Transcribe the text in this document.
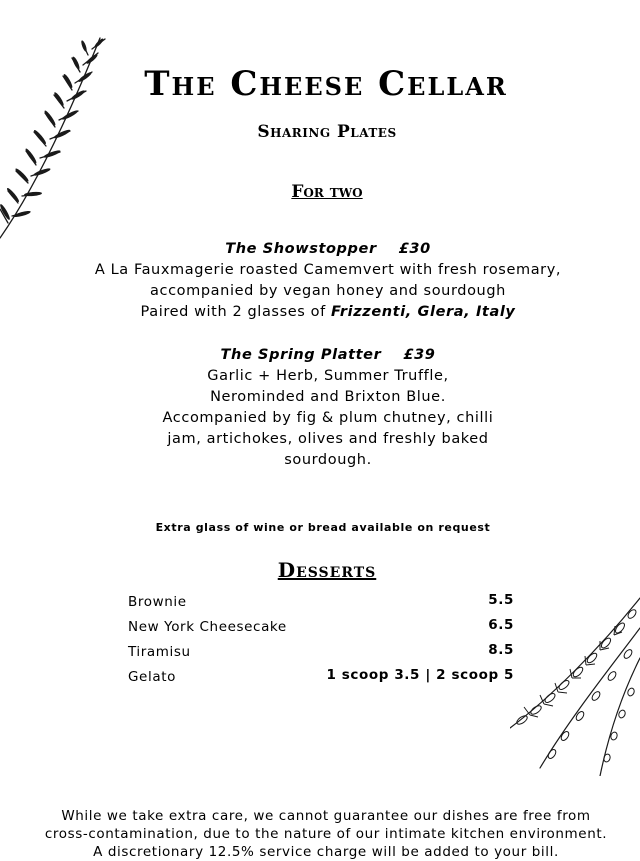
The Cheese Cellar
Sharing Plates
For two
The Showstopper £30
A La Fauxmagerie roasted Camemvert with fresh rosemary,
accompanied by vegan honey and sourdough
Paired with 2 glasses of Frizzenti, Glera, Italy
The Spring Platter £39
Garlic + Herb, Summer Truffle,
Nerominded and Brixton Blue.
Accompanied by fig & plum chutney, chilli
jam, artichokes, olives and freshly baked
sourdough.
Extra glass of wine or bread available on request
Desserts
Brownie	5.5
New York Cheesecake	6.5
Tiramisu	8.5
Gelato	1 scoop 3.5 | 2 scoop 5
While we take extra care, we cannot guarantee our dishes are free from
cross-contamination, due to the nature of our intimate kitchen environment.
A discretionary 12.5% service charge will be added to your bill.
